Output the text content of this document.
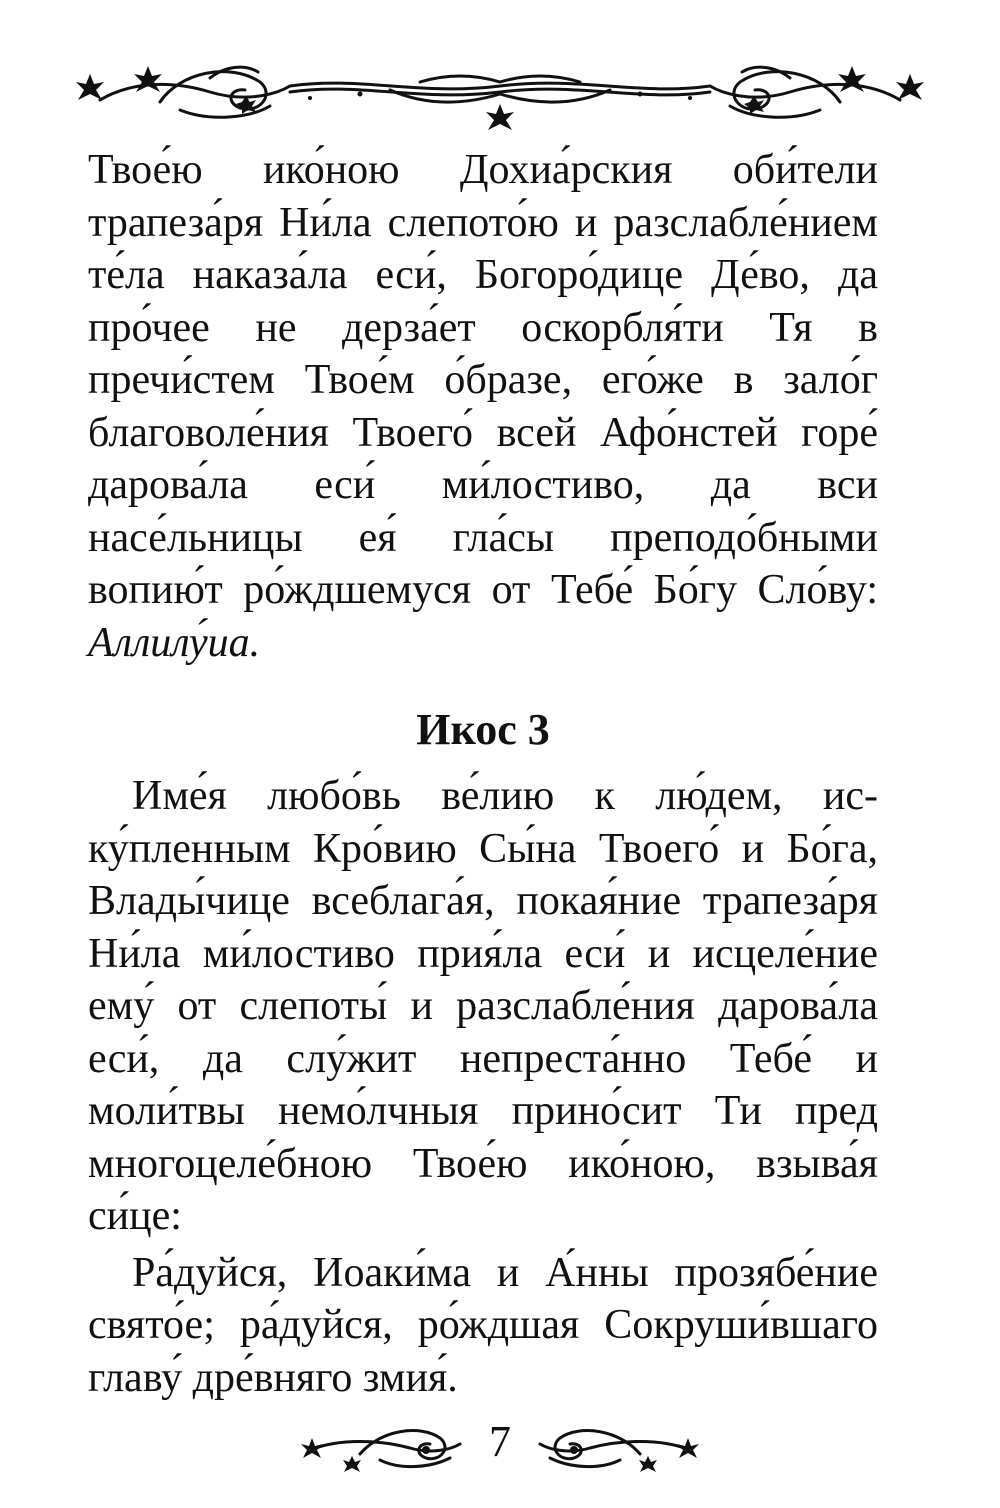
Твое́ю ико́ною Дохиа́рския оби́тели трапеза́ря Ни́ла слепото́ю и разслабле́нием те́ла наказа́ла еси́, Богоро́дице Де́во, да про́чее не дерза́ет оскорбля́ти Тя в пречи́стем Твое́м о́бразе, его́же в зало́г благоволе́ния Твоего́ всей Афо́нстей горе́ дарова́ла еси́ ми́лостиво, да вси насе́льницы ея́ гла́сы преподо́бными вопию́т ро́ждшемуся от Тебе́ Бо́гу Сло́ву: Аллилу́иа.

Икос 3

Име́я любо́вь ве́лию к лю́дем, иску́пленным Кро́вию Сы́на Твоего́ и Бо́га, Влады́чице всеблага́я, покая́ние трапеза́ря Ни́ла ми́лостиво прия́ла еси́ и исцеле́ние ему́ от слепоты́ и разслабле́ния дарова́ла еси́, да слу́жит непреста́нно Тебе́ и моли́твы немо́лчныя прино́сит Ти пред многоцеле́бною Твое́ю ико́ною, взыва́я си́це:

Ра́дуйся, Иоаки́ма и А́нны прозябе́ние свято́е; ра́дуйся, ро́ждшая Сокруши́вшаго главу́ дре́вняго змия́.

7
